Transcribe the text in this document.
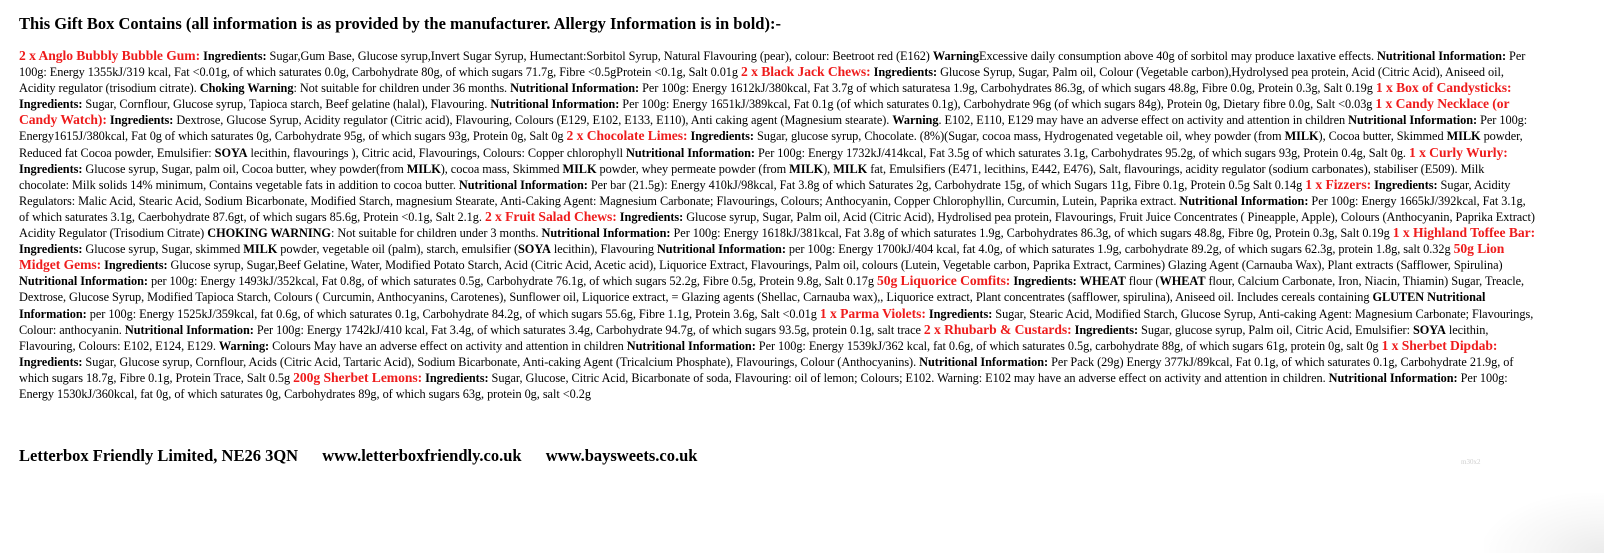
This Gift Box Contains (all information is as provided by the manufacturer. Allergy Information is in bold):-
2 x Anglo Bubbly Bubble Gum: Ingredients: Sugar,Gum Base, Glucose syrup,Invert Sugar Syrup, Humectant:Sorbitol Syrup, Natural Flavouring (pear), colour: Beetroot red (E162) WarningExcessive daily consumption above 40g of sorbitol may produce laxative effects. Nutritional Information: Per 100g: Energy 1355kJ/319 kcal, Fat <0.01g, of which saturates 0.0g, Carbohydrate 80g, of which sugars 71.7g, Fibre <0.5gProtein <0.1g, Salt 0.01g 2 x Black Jack Chews: Ingredients: Glucose Syrup, Sugar, Palm oil, Colour (Vegetable carbon),Hydrolysed pea protein, Acid (Citric Acid), Aniseed oil, Acidity regulator (trisodium citrate). Choking Warning: Not suitable for children under 36 months. Nutritional Information: Per 100g: Energy 1612kJ/380kcal, Fat 3.7g of which saturatesa 1.9g, Carbohydrates 86.3g, of which sugars 48.8g, Fibre 0.0g, Protein 0.3g, Salt 0.19g 1 x Box of Candysticks: Ingredients: Sugar, Cornflour, Glucose syrup, Tapioca starch, Beef gelatine (halal), Flavouring. Nutritional Information: Per 100g: Energy 1651kJ/389kcal, Fat 0.1g (of which saturates 0.1g), Carbohydrate 96g (of which sugars 84g), Protein 0g, Dietary fibre 0.0g, Salt <0.03g 1 x Candy Necklace (or Candy Watch): Ingredients: Dextrose, Glucose Syrup, Acidity regulator (Citric acid), Flavouring, Colours (E129, E102, E133, E110), Anti caking agent (Magnesium stearate). Warning. E102, E110, E129 may have an adverse effect on activity and attention in children Nutritional Information: Per 100g: Energy1615J/380kcal, Fat 0g of which saturates 0g, Carbohydrate 95g, of which sugars 93g, Protein 0g, Salt 0g 2 x Chocolate Limes: Ingredients: Sugar, glucose syrup, Chocolate. (8%)(Sugar, cocoa mass, Hydrogenated vegetable oil, whey powder (from MILK), Cocoa butter, Skimmed MILK powder, Reduced fat Cocoa powder, Emulsifier: SOYA lecithin, flavourings ), Citric acid, Flavourings, Colours: Copper chlorophyll Nutritional Information: Per 100g: Energy 1732kJ/414kcal, Fat 3.5g of which saturates 3.1g, Carbohydrates 95.2g, of which sugars 93g, Protein 0.4g, Salt 0g. 1 x Curly Wurly: Ingredients: Glucose syrup, Sugar, palm oil, Cocoa butter, whey powder(from MILK), cocoa mass, Skimmed MILK powder, whey permeate powder (from MILK), MILK fat, Emulsifiers (E471, lecithins, E442, E476), Salt, flavourings, acidity regulator (sodium carbonates), stabiliser (E509). Milk chocolate: Milk solids 14% minimum, Contains vegetable fats in addition to cocoa butter. Nutritional Information: Per bar (21.5g): Energy 410kJ/98kcal, Fat 3.8g of which Saturates 2g, Carbohydrate 15g, of which Sugars 11g, Fibre 0.1g, Protein 0.5g Salt 0.14g 1 x Fizzers: Ingredients: Sugar, Acidity Regulators: Malic Acid, Stearic Acid, Sodium Bicarbonate, Modified Starch, magnesium Stearate, Anti-Caking Agent: Magnesium Carbonate; Flavourings, Colours; Anthocyanin, Copper Chlorophyllin, Curcumin, Lutein, Paprika extract. Nutritional Information: Per 100g: Energy 1665kJ/392kcal, Fat 3.1g, of which saturates 3.1g, Caerbohydrate 87.6gt, of which sugars 85.6g, Protein <0.1g, Salt 2.1g. 2 x Fruit Salad Chews: Ingredients: Glucose syrup, Sugar, Palm oil, Acid (Citric Acid), Hydrolised pea protein, Flavourings, Fruit Juice Concentrates ( Pineapple, Apple), Colours (Anthocyanin, Paprika Extract) Acidity Regulator (Trisodium Citrate) CHOKING WARNING: Not suitable for children under 3 months. Nutritional Information: Per 100g: Energy 1618kJ/381kcal, Fat 3.8g of which saturates 1.9g, Carbohydrates 86.3g, of which sugars 48.8g, Fibre 0g, Protein 0.3g, Salt 0.19g 1 x Highland Toffee Bar: Ingredients: Glucose syrup, Sugar, skimmed MILK powder, vegetable oil (palm), starch, emulsifier (SOYA lecithin), Flavouring Nutritional Information: per 100g: Energy 1700kJ/404 kcal, fat 4.0g, of which saturates 1.9g, carbohydrate 89.2g, of which sugars 62.3g, protein 1.8g, salt 0.32g 50g Lion Midget Gems: Ingredients: Glucose syrup, Sugar,Beef Gelatine, Water, Modified Potato Starch, Acid (Citric Acid, Acetic acid), Liquorice Extract, Flavourings, Palm oil, colours (Lutein, Vegetable carbon, Paprika Extract, Carmines) Glazing Agent (Carnauba Wax), Plant extracts (Safflower, Spirulina) Nutritional Information: per 100g: Energy 1493kJ/352kcal, Fat 0.8g, of which saturates 0.5g, Carbohydrate 76.1g, of which sugars 52.2g, Fibre 0.5g, Protein 9.8g, Salt 0.17g 50g Liquorice Comfits: Ingredients: WHEAT flour (WHEAT flour, Calcium Carbonate, Iron, Niacin, Thiamin) Sugar, Treacle, Dextrose, Glucose Syrup, Modified Tapioca Starch, Colours ( Curcumin, Anthocyanins, Carotenes), Sunflower oil, Liquorice extract, = Glazing agents (Shellac, Carnauba wax),, Liquorice extract, Plant concentrates (safflower, spirulina), Aniseed oil. Includes cereals containing GLUTEN Nutritional Information: per 100g: Energy 1525kJ/359kcal, fat 0.6g, of which saturates 0.1g, Carbohydrate 84.2g, of which sugars 55.6g, Fibre 1.1g, Protein 3.6g, Salt <0.01g 1 x Parma Violets: Ingredients: Sugar, Stearic Acid, Modified Starch, Glucose Syrup, Anti-caking Agent: Magnesium Carbonate; Flavourings, Colour: anthocyanin. Nutritional Information: Per 100g: Energy 1742kJ/410 kcal, Fat 3.4g, of which saturates 3.4g, Carbohydrate 94.7g, of which sugars 93.5g, protein 0.1g, salt trace 2 x Rhubarb & Custards: Ingredients: Sugar, glucose syrup, Palm oil, Citric Acid, Emulsifier: SOYA lecithin, Flavouring, Colours: E102, E124, E129. Warning: Colours May have an adverse effect on activity and attention in children Nutritional Information: Per 100g: Energy 1539kJ/362 kcal, fat 0.6g, of which saturates 0.5g, carbohydrate 88g, of which sugars 61g, protein 0g, salt 0g 1 x Sherbet Dipdab: Ingredients: Sugar, Glucose syrup, Cornflour, Acids (Citric Acid, Tartaric Acid), Sodium Bicarbonate, Anti-caking Agent (Tricalcium Phosphate), Flavourings, Colour (Anthocyanins). Nutritional Information: Per Pack (29g) Energy 377kJ/89kcal, Fat 0.1g, of which saturates 0.1g, Carbohydrate 21.9g, of which sugars 18.7g, Fibre 0.1g, Protein Trace, Salt 0.5g 200g Sherbet Lemons: Ingredients: Sugar, Glucose, Citric Acid, Bicarbonate of soda, Flavouring: oil of lemon; Colours; E102. Warning: E102 may have an adverse effect on activity and attention in children. Nutritional Information: Per 100g: Energy 1530kJ/360kcal, fat 0g, of which saturates 0g, Carbohydrates 89g, of which sugars 63g, protein 0g, salt <0.2g
Letterbox Friendly Limited, NE26 3QN www.letterboxfriendly.co.uk www.baysweets.co.uk	m30x2
